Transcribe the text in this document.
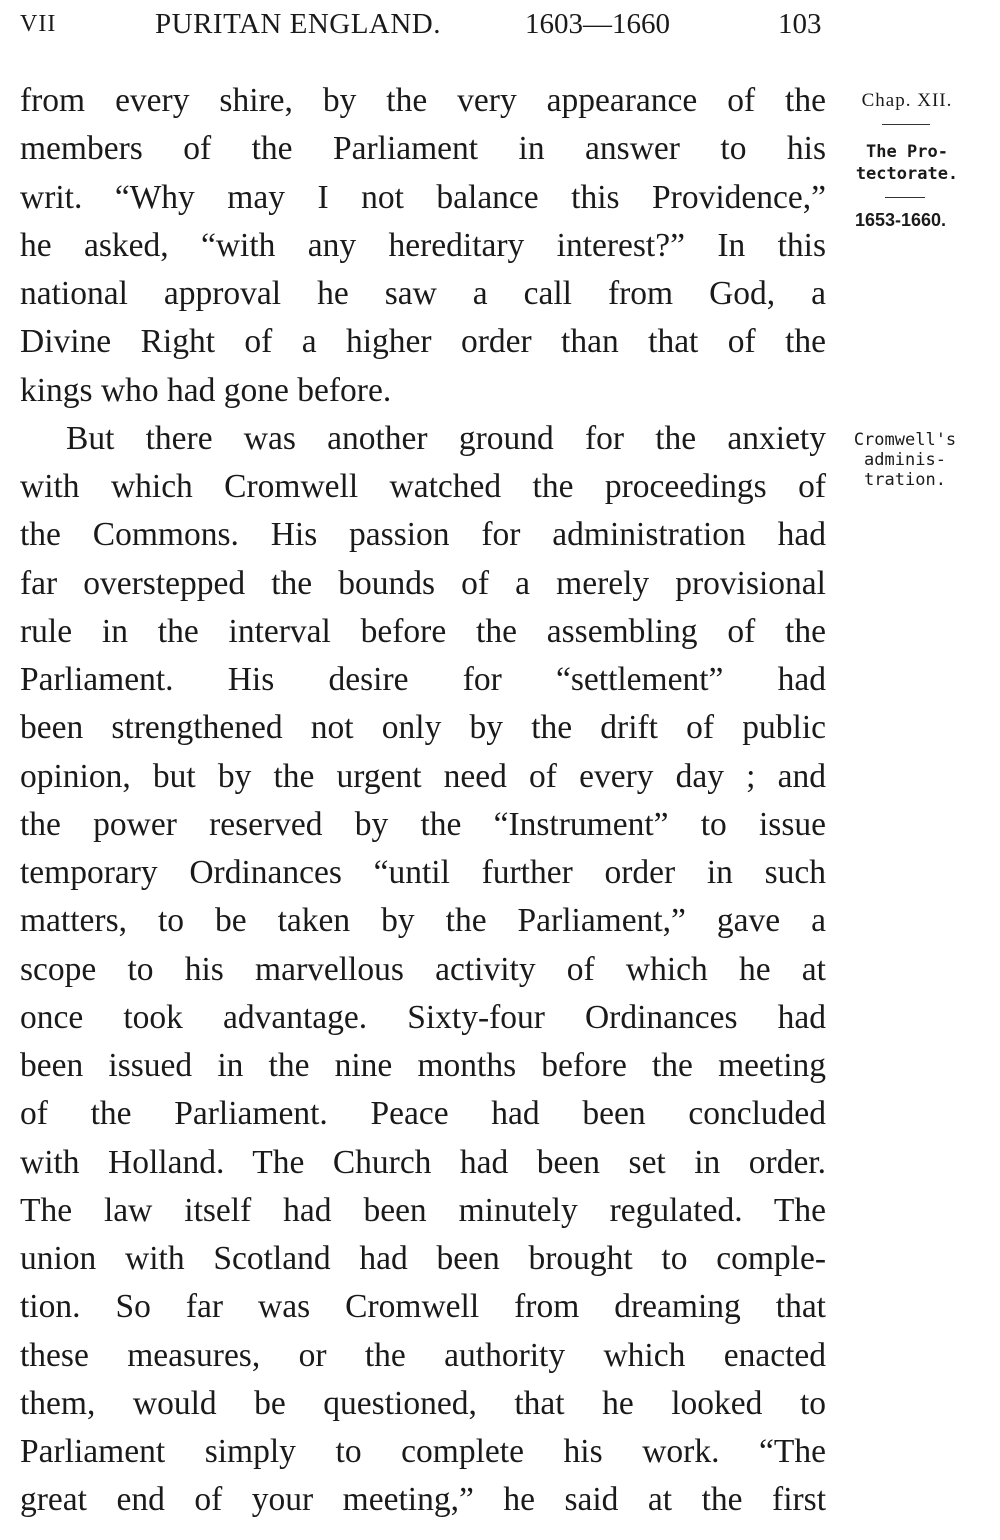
VII	PURITAN ENGLAND.	1603—1660	103
Chap. XII.
The Pro-
tectorate.
1653-1660.
Cromwell's
adminis-
tration.
from every shire, by the very appearance of the
members of the Parliament in answer to his
writ. “Why may I not balance this Providence,”
he asked, “with any hereditary interest?” In this
national approval he saw a call from God, a
Divine Right of a higher order than that of the
kings who had gone before.
But there was another ground for the anxiety
with which Cromwell watched the proceedings of
the Commons. His passion for administration had
far overstepped the bounds of a merely provisional
rule in the interval before the assembling of the
Parliament. His desire for “settlement” had
been strengthened not only by the drift of public
opinion, but by the urgent need of every day ; and
the power reserved by the “Instrument” to issue
temporary Ordinances “until further order in such
matters, to be taken by the Parliament,” gave a
scope to his marvellous activity of which he at
once took advantage. Sixty-four Ordinances had
been issued in the nine months before the meeting
of the Parliament. Peace had been concluded
with Holland. The Church had been set in order.
The law itself had been minutely regulated. The
union with Scotland had been brought to comple-
tion. So far was Cromwell from dreaming that
these measures, or the authority which enacted
them, would be questioned, that he looked to
Parliament simply to complete his work. “The
great end of your meeting,” he said at the first
